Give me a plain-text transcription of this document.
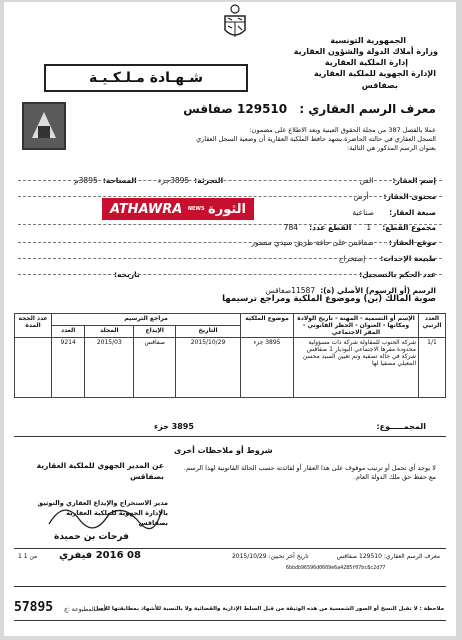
الجمهورية التونسية
وزارة أملاك الدولة والشؤون العقارية
إدارة الملكية العقارية
الإدارة الجهوية للملكية العقارية
بصفاقس
شـهـادة مـلـكـيـة
معرف الرسم العقاري : 129510 صفاقس
عملا بالفصل 387 من مجلة الحقوق العينية وبعد الاطلاع على مضمون:
السجل العقاري في حالته الحاضرة.يشهد حافظ الملكية العقارية أن وضعية السجل العقاري
بعنوان الرسم المذكور هي التالية:
إسم العقار: الفن
التجزئة: 3895جزء المساحة: 3895م
محتوى العقار: أرض
صبغة العقار: صناعية
ATHAWRA NEWS الثورة
مجموع القطع: 1 القطع عدد: 784
موقع العقار: صفاقس على حافة طريق سيدي منصور
طبيعة الإحداث: إستخراج
عدد الحكم بالتسجيل:
تاريخه:
الرسم (أو الرسوم) الأصلي (ة): 11587صفاقس
صوبة المالك (ين) وموضوع الملكية ومراجع ترسيمها
العدد الرتبي	الإسم أو التسمية - المهنة - تاريخ الولادة ومكانها - العنوان - الحظر القانوني - المقر الاجتماعي	موضوع الملكية	مراجع الترسيم				عدد الحجة المدة
			التاريخ	الإيداع	المجلد	العدد	
1/1	شركة الجنوب للمقاولة شركة ذات مسؤولية محدودة مقرها الاجتماعي البوذيار 1 صفاقس شركة في حالة تصفية وتم تعيين السيد محسن المعيلي مصفيا لها	3895 جزء	2015/10/29	صفاقس	2015/03	9214	
المجمـــــوع:
3895 جزء
شروط أو ملاحظات أخرى
لا يوجد أي تحمل أو ترتيب موقوف على هذا العقار أو لفائدته حسب الحالة القانونية لهذا الرسم.
مع حفظ حق ملك الدولة العام.
عن المدير الجهوي للملكية العقارية
بصفاقس
مدير الاستخراج والإيداع العقاري والتوثيق
بالإدارة الجهوية للملكية العقارية
بصفاقس
فرحات بن حميدة
08 2016 فيفري
1 من 1	معرف الرسم العقاري: 129510 صفاقس تاريخ آخر تحيين: 2015/10/29
6bbdb96596d0609e6a4285f07bc8c2d77
57895 عدد المطبوعة :ج
ملاحظة : لا تقبل النسخ أو الصور الشمسية من هذه الوثيقة من قبل السلط الإدارية والقضائية ولا بالنسبة للأشهاد بمطابقتها للأصل
